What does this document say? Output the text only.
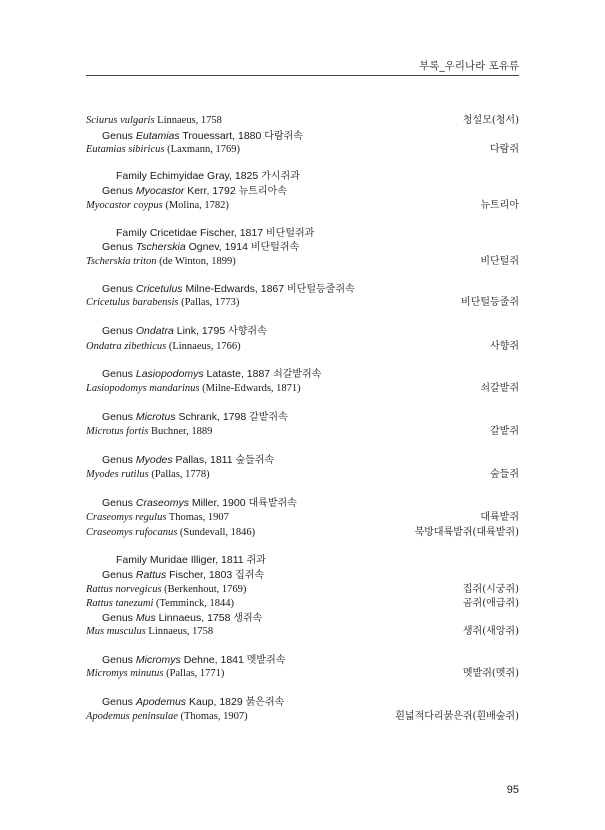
부록_우리나라 포유류
Sciurus vulgaris Linnaeus, 1758	청설모(청서)
Genus Eutamias Trouessart, 1880 다람쥐속
Eutamias sibiricus (Laxmann, 1769)	다람쥐
Family Echimyidae Gray, 1825 가시쥐과
Genus Myocastor Kerr, 1792 뉴트리아속
Myocastor coypus (Molina, 1782)	뉴트리아
Family Cricetidae Fischer, 1817 비단털쥐과
Genus Tscherskia Ognev, 1914 비단털쥐속
Tscherskia triton (de Winton, 1899)	비단털쥐
Genus Cricetulus Milne-Edwards, 1867 비단털등줄쥐속
Cricetulus barabensis (Pallas, 1773)	비단털등줄쥐
Genus Ondatra Link, 1795 사향쥐속
Ondatra zibethicus (Linnaeus, 1766)	사향쥐
Genus Lasiopodomys Lataste, 1887 쇠갈밭쥐속
Lasiopodomys mandarinus (Milne-Edwards, 1871)	쇠갈밭쥐
Genus Microtus Schrank, 1798 갈밭쥐속
Microtus fortis Buchner, 1889	갈밭쥐
Genus Myodes Pallas, 1811 숲들쥐속
Myodes rutilus (Pallas, 1778)	숲들쥐
Genus Craseomys Miller, 1900 대륙밭쥐속
Craseomys regulus Thomas, 1907	대륙밭쥐
Craseomys rufocanus (Sundevall, 1846)	북방대륙밭쥐(대륙밭쥐)
Family Muridae Illiger, 1811 쥐과
Genus Rattus Fischer, 1803 집쥐속
Rattus norvegicus (Berkenhout, 1769)	집쥐(시궁쥐)
Rattus tanezumi (Temminck, 1844)	곰쥐(애급쥐)
Genus Mus Linnaeus, 1758 생쥐속
Mus musculus Linnaeus, 1758	생쥐(새앙쥐)
Genus Micromys Dehne, 1841 멧밭쥐속
Micromys minutus (Pallas, 1771)	멧밭쥐(멧쥐)
Genus Apodemus Kaup, 1829 붉은쥐속
Apodemus peninsulae (Thomas, 1907)	흰넓적다리붉은쥐(흰배숲쥐)
95
